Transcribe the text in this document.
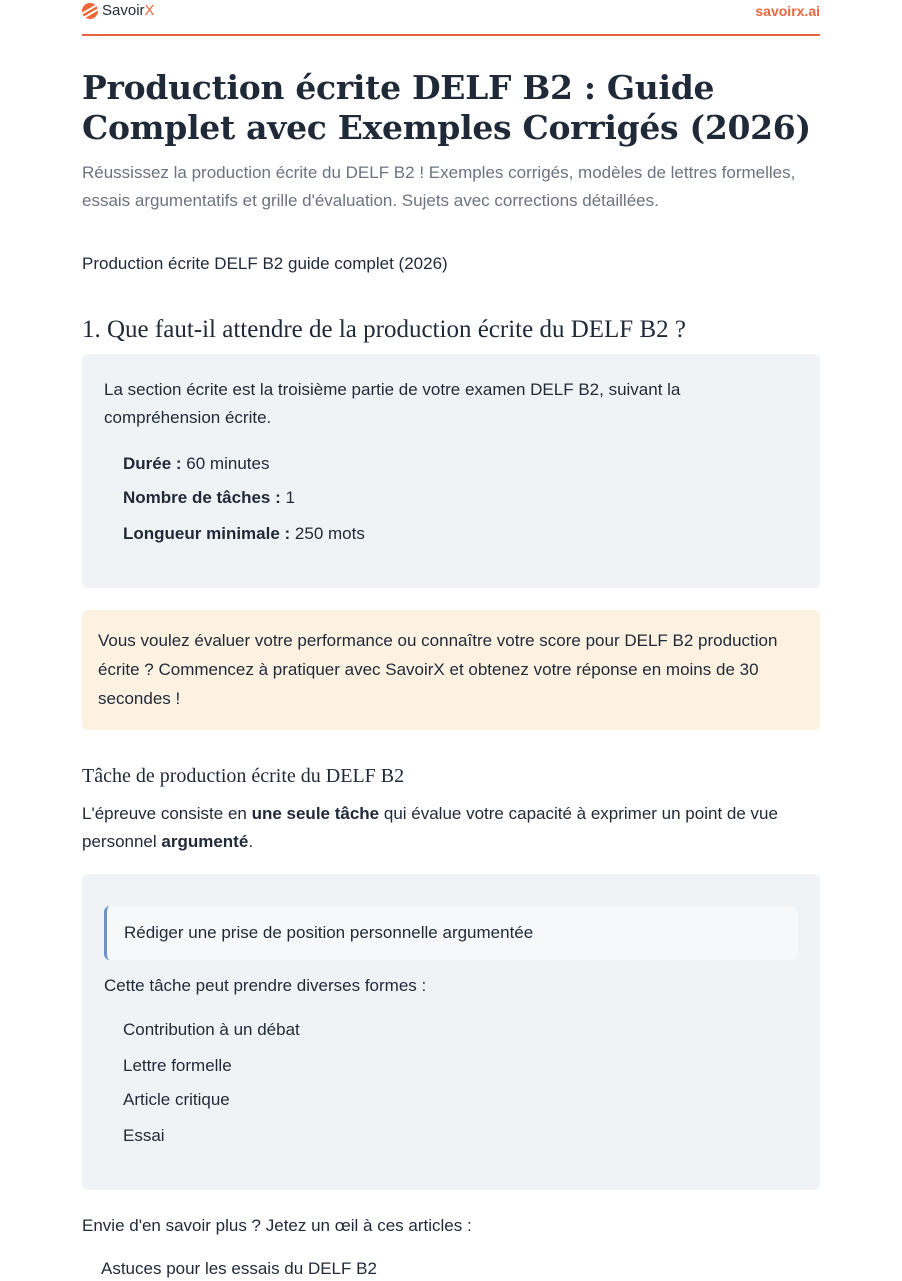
Savoir X	savoirx.ai
Production écrite DELF B2 : Guide Complet avec Exemples Corrigés (2026)

Réussissez la production écrite du DELF B2 ! Exemples corrigés, modèles de lettres formelles, essais argumentatifs et grille d'évaluation. Sujets avec corrections détaillées.

Production écrite DELF B2 guide complet (2026)

1. Que faut-il attendre de la production écrite du DELF B2 ?

La section écrite est la troisième partie de votre examen DELF B2, suivant la compréhension écrite.

Durée : 60 minutes
Nombre de tâches : 1
Longueur minimale : 250 mots

Vous voulez évaluer votre performance ou connaître votre score pour DELF B2 production écrite ? Commencez à pratiquer avec SavoirX et obtenez votre réponse en moins de 30 secondes !

Tâche de production écrite du DELF B2

L'épreuve consiste en une seule tâche qui évalue votre capacité à exprimer un point de vue personnel argumenté.

Rédiger une prise de position personnelle argumentée
Cette tâche peut prendre diverses formes :
Contribution à un débat
Lettre formelle
Article critique
Essai

Envie d'en savoir plus ? Jetez un œil à ces articles :

Astuces pour les essais du DELF B2
